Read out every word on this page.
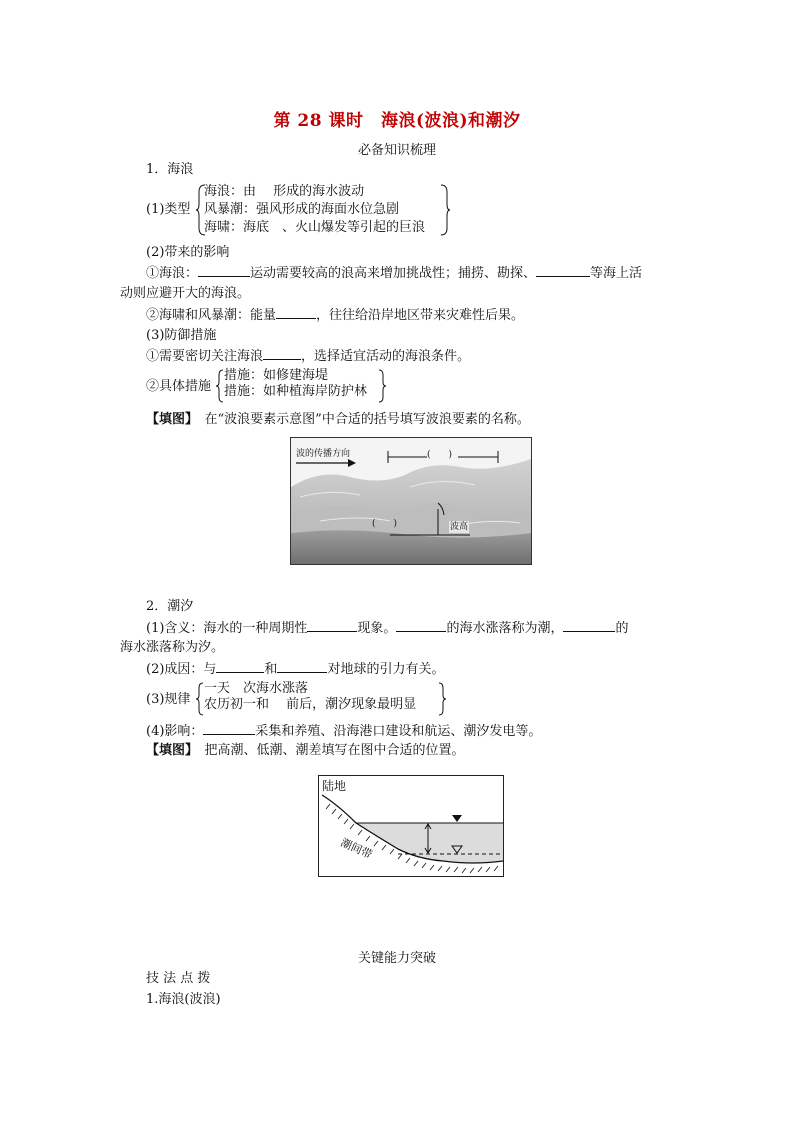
第 28 课时　海浪(波浪)和潮汐
必备知识梳理
1．海浪
(1)类型
海浪：由　 形成的海水波动
风暴潮：强风形成的海面水位急剧
海啸：海底　、火山爆发等引起的巨浪
(2)带来的影响
①海浪：	运动需要较高的浪高来增加挑战性；捕捞、勘探、	等海上活
动则应避开大的海浪。
②海啸和风暴潮：能量	，往往给沿岸地区带来灾难性后果。
(3)防御措施
①需要密切关注海浪	，选择适宜活动的海浪条件。
②具体措施
措施：如修建海堤
措施：如种植海岸防护林
【填图】　 在“波浪要素示意图”中合适的括号填写波浪要素的名称。
波的传播方向	(　　)
(　　)	波高
2．潮汐
(1)含义：海水的一种周期性	现象。	的海水涨落称为潮，	的
海水涨落称为汐。
(2)成因：与	和	对地球的引力有关。
(3)规律
一天　次海水涨落
农历初一和　 前后，潮汐现象最明显
(4)影响：	采集和养殖、沿海港口建设和航运、潮汐发电等。
【填图】　 把高潮、低潮、潮差填写在图中合适的位置。
陆地
潮间带
关键能力突破
技 法 点 拨
1.海浪(波浪)
